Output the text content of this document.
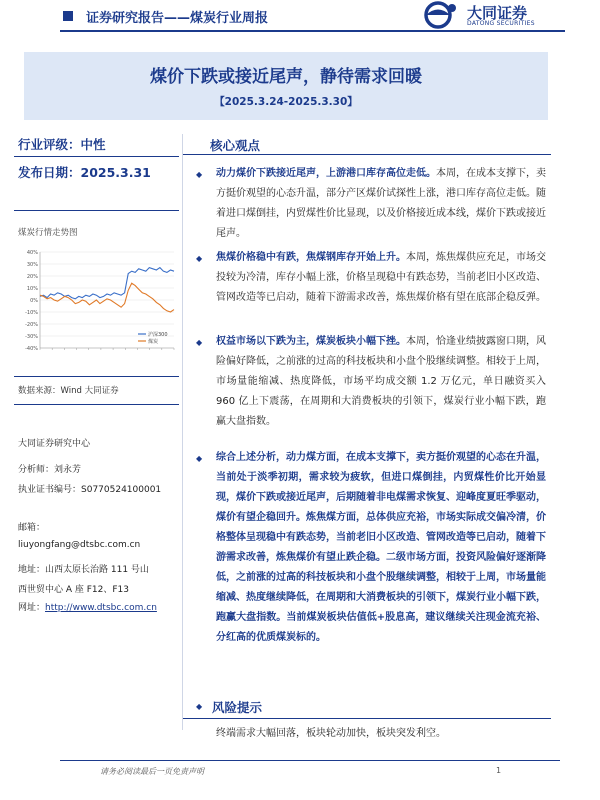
证券研究报告——煤炭行业周报	大同证券
DATONG SECURITIES
煤价下跌或接近尾声，静待需求回暖
【2025.3.24-2025.3.30】
行业评级：中性
发布日期：2025.3.31
煤炭行情走势图
40%
30%
20%
10%
0%
-10%
-20%
-30%
-40%
沪深300
煤炭
数据来源：Wind 大同证券
大同证券研究中心
分析师：刘永芳
执业证书编号：S0770524100001
邮箱：
liuyongfang@dtsbc.com.cn
地址：山西太原长治路 111 号山
西世贸中心 A 座 F12、F13
网址：http://www.dtsbc.com.cn
核心观点
◆ 动力煤价下跌接近尾声，上游港口库存高位走低。本周，在成本支撑下，卖方挺价观望的心态升温，部分产区煤价试探性上涨，港口库存高位走低。随着进口煤倒挂，内贸煤性价比显现，以及价格接近成本线，煤价下跌或接近尾声。
◆ 焦煤价格稳中有跌，焦煤钢库存开始上升。本周，炼焦煤供应充足，市场交投较为冷清，库存小幅上涨，价格呈现稳中有跌态势，当前老旧小区改造、管网改造等已启动，随着下游需求改善，炼焦煤价格有望在底部企稳反弹。
◆ 权益市场以下跌为主，煤炭板块小幅下挫。本周，恰逢业绩披露窗口期，风险偏好降低，之前涨的过高的科技板块和小盘个股继续调整。相较于上周，市场量能缩减、热度降低，市场平均成交额 1.2 万亿元，单日融资买入 960 亿上下震荡，在周期和大消费板块的引领下，煤炭行业小幅下跌，跑赢大盘指数。
◆ 综合上述分析，动力煤方面，在成本支撑下，卖方挺价观望的心态在升温，当前处于淡季初期，需求较为疲软，但进口煤倒挂，内贸煤性价比开始显现，煤价下跌或接近尾声，后期随着非电煤需求恢复、迎峰度夏旺季驱动，煤价有望企稳回升。炼焦煤方面，总体供应充裕，市场实际成交偏冷清，价格整体呈现稳中有跌态势，当前老旧小区改造、管网改造等已启动，随着下游需求改善，炼焦煤价有望止跌企稳。二级市场方面，投资风险偏好逐渐降低，之前涨的过高的科技板块和小盘个股继续调整，相较于上周，市场量能缩减、热度继续降低，在周期和大消费板块的引领下，煤炭行业小幅下跌，跑赢大盘指数。当前煤炭板块估值低+股息高，建议继续关注现金流充裕、分红高的优质煤炭标的。
◆ 风险提示
终端需求大幅回落，板块轮动加快，板块突发利空。
请务必阅读最后一页免责声明	1
